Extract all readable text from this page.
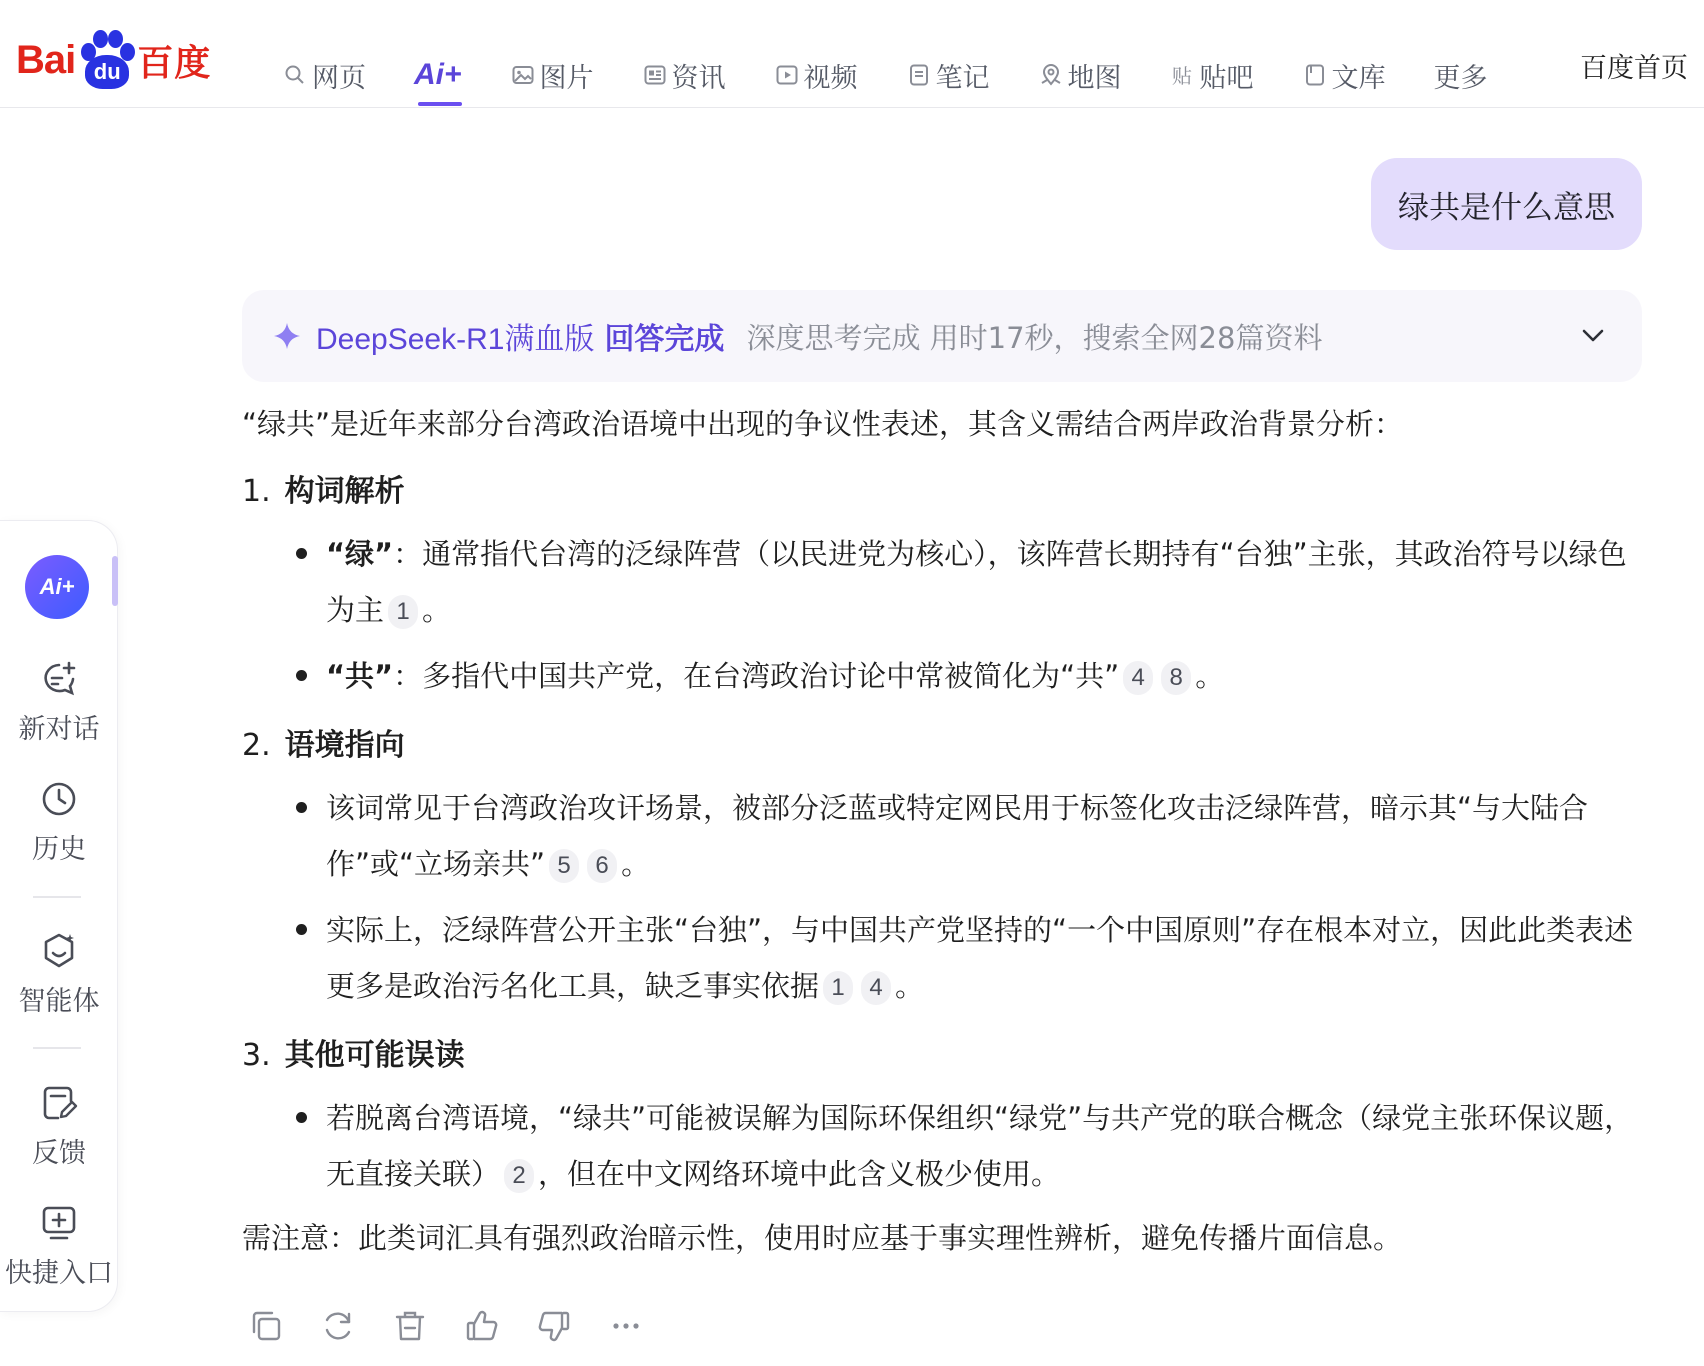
Bai du 百度	网页 Ai+	图片	资讯	视频	笔记	地图	贴 贴吧	文库 更多	百度首页
Ai+
新对话
历史
智能体
反馈
快捷入口
绿共是什么意思
DeepSeek-R1满血版 回答完成 深度思考完成 用时17秒，搜索全网28篇资料

“绿共”是近年来部分台湾政治语境中出现的争议性表述，其含义需结合两岸政治背景分析：

1. 构词解析
“绿”：通常指代台湾的泛绿阵营（以民进党为核心），该阵营长期持有“台独”主张，其政治符号以绿色为主 1 。
“共”：多指代中国共产党，在台湾政治讨论中常被简化为“共” 4 8 。
2. 语境指向
该词常见于台湾政治攻讦场景，被部分泛蓝或特定网民用于标签化攻击泛绿阵营，暗示其“与大陆合作”或“立场亲共” 5 6 。
实际上，泛绿阵营公开主张“台独”，与中国共产党坚持的“一个中国原则”存在根本对立，因此此类表述更多是政治污名化工具，缺乏事实依据 1 4 。
3. 其他可能误读
若脱离台湾语境，“绿共”可能被误解为国际环保组织“绿党”与共产党的联合概念（绿党主张环保议题，无直接关联） 2 ，但在中文网络环境中此含义极少使用。

需注意：此类词汇具有强烈政治暗示性，使用时应基于事实理性辨析，避免传播片面信息。
